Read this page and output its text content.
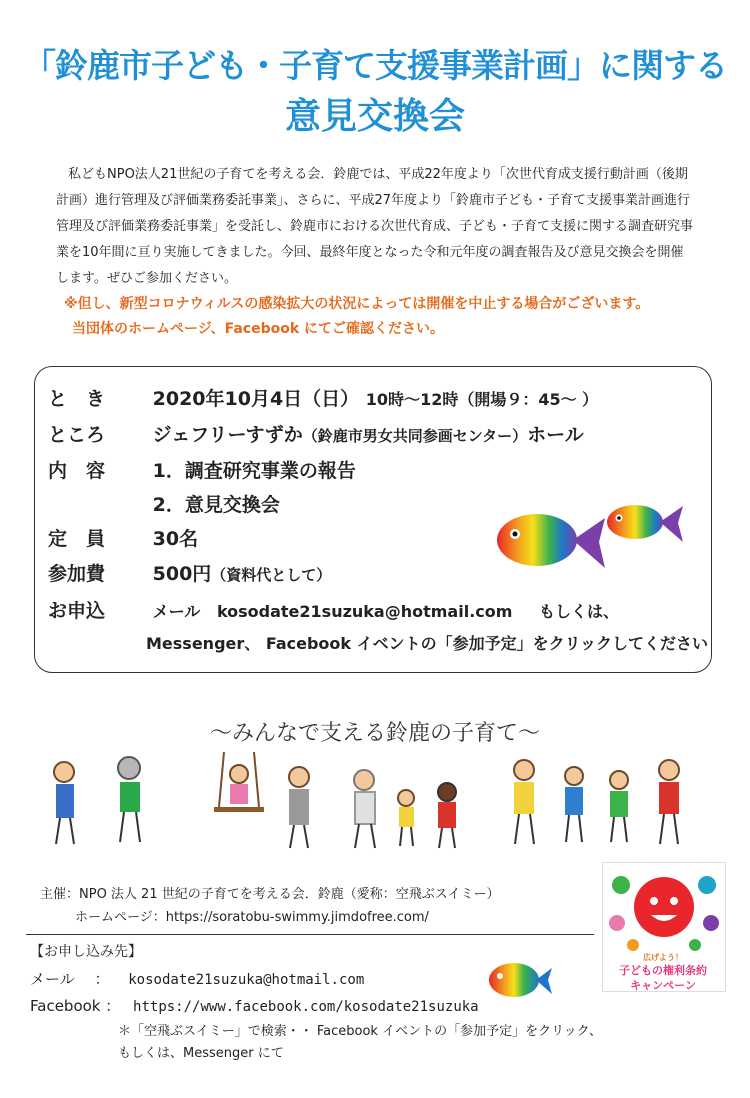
「鈴鹿市子ども・子育て支援事業計画」に関する
意見交換会
私どもNPO法人21世紀の子育てを考える会．鈴鹿では、平成22年度より「次世代育成支援行動計画（後期計画）進行管理及び評価業務委託事業」、さらに、平成27年度より「鈴鹿市子ども・子育て支援事業計画進行管理及び評価業務委託事業」を受託し、鈴鹿市における次世代育成、子ども・子育て支援に関する調査研究事業を10年間に亘り実施してきました。今回、最終年度となった令和元年度の調査報告及び意見交換会を開催します。ぜひご参加ください。
※但し、新型コロナウィルスの感染拡大の状況によっては開催を中止する場合がございます。
当団体のホームページ、Facebook にてご確認ください。
と　き	2020年10月4日（日） 10時〜12時（開場９：45〜 ）
ところ	ジェフリーすずか（鈴鹿市男女共同参画センター）ホール
内　容	1．調査研究事業の報告
2．意見交換会
定　員	30名
参加費	500円（資料代として）
お申込	メール kosodate21suzuka@hotmail.com もしくは、
Messenger、 Facebook イベントの「参加予定」をクリックしてください
〜みんなで支える鈴鹿の子育て〜
主催：NPO 法人 21 世紀の子育てを考える会．鈴鹿（愛称：空飛ぶスイミー）
ホームページ：https://soratobu-swimmy.jimdofree.com/
【お申し込み先】
メール　 ： kosodate21suzuka@hotmail.com
Facebook ： https://www.facebook.com/kosodate21suzuka
＊「空飛ぶスイミー」で検索・・ Facebook イベントの「参加予定」をクリック、
もしくは、Messenger にて
広げよう！
子どもの権利条約
キャンペーン
